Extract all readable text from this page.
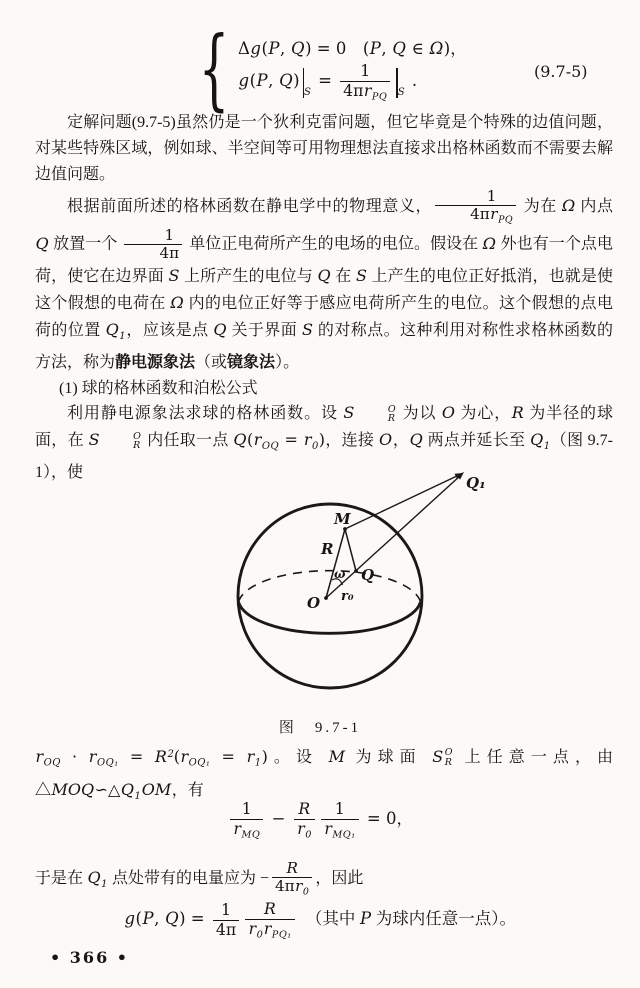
{ Δg(P, Q) = 0　(P, Q ∈ Ω)，
g(P, $Q)_S = \frac{1}{4\pi r_{PQ}} _S$ .	(9.7-5)
定解问题(9.7-5)虽然仍是一个狄利克雷问题，但它毕竟是个特殊的边值问题，对某些特殊区域，例如球、半空间等可用物理想法直接求出格林函数而不需要去解边值问题。
根据前面所述的格林函数在静电学中的物理意义， $\frac{1}{4\pi r_{PQ}}$ 为在 Ω 内点 Q 放置一个 $\frac{1}{4\pi}$ 单位正电荷所产生的电场的电位。假设在 Ω 外也有一个点电荷，使它在边界面 S 上所产生的电位与 Q 在 S 上产生的电位正好抵消，也就是使这个假想的电荷在 Ω 内的电位正好等于感应电荷所产生的电位。这个假想的点电荷的位置 $Q_1$，应该是点 Q 关于界面 S 的对称点。这种利用对称性求格林函数的方法，称为静电源象法（或镜象法）。
(1) 球的格林函数和泊松公式
利用静电源象法求球的格林函数。设 S	O
R 为以 O 为心，R 为半径的球面，在 S	O
R 内任取一点 $Q(r_{OQ} = r_0)$，连接 O，Q 两点并延长至 $Q_1$（图 9.7-1），使
Q₁
M
R
ω Q
O r₀
图　9.7-1
$r_{OQ} \cdot r_{OQ_1} = R^2(r_{OQ_1} = r_1)$。设 M 为球面 S O
R 上任意一点，由 $\triangle MOQ∽\triangle Q_1OM$，有
$\frac{1}{r_{MQ}} - \frac{R}{r_0} \frac{1}{r_{MQ_1}} = 0$，
于是在 $Q_1$ 点处带有的电量应为 − $\frac{R}{4\pi r_0}$ ，因此
g(P, $Q) = \frac{1}{4\pi} \frac{R}{r_0r_{PQ_1}}$ 　（其中 P 为球内任意一点）。
• 366 •
